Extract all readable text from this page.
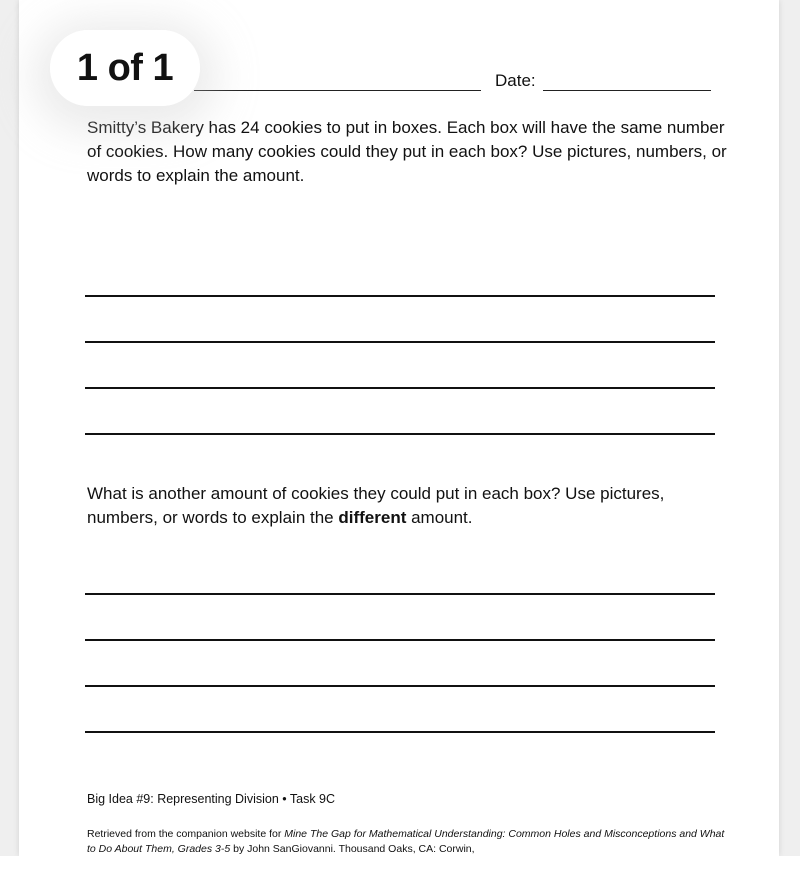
Date:
Smitty’s Bakery has 24 cookies to put in boxes. Each box will have the same number of cookies. How many cookies could they put in each box? Use pictures, numbers, or words to explain the amount.
What is another amount of cookies they could put in each box? Use pictures, numbers, or words to explain the different amount.
Big Idea #9: Representing Division • Task 9C
Retrieved from the companion website for Mine The Gap for Mathematical Understanding: Common Holes and Misconceptions and What to Do About Them, Grades 3-5 by John SanGiovanni. Thousand Oaks, CA: Corwin,
1 of 1
